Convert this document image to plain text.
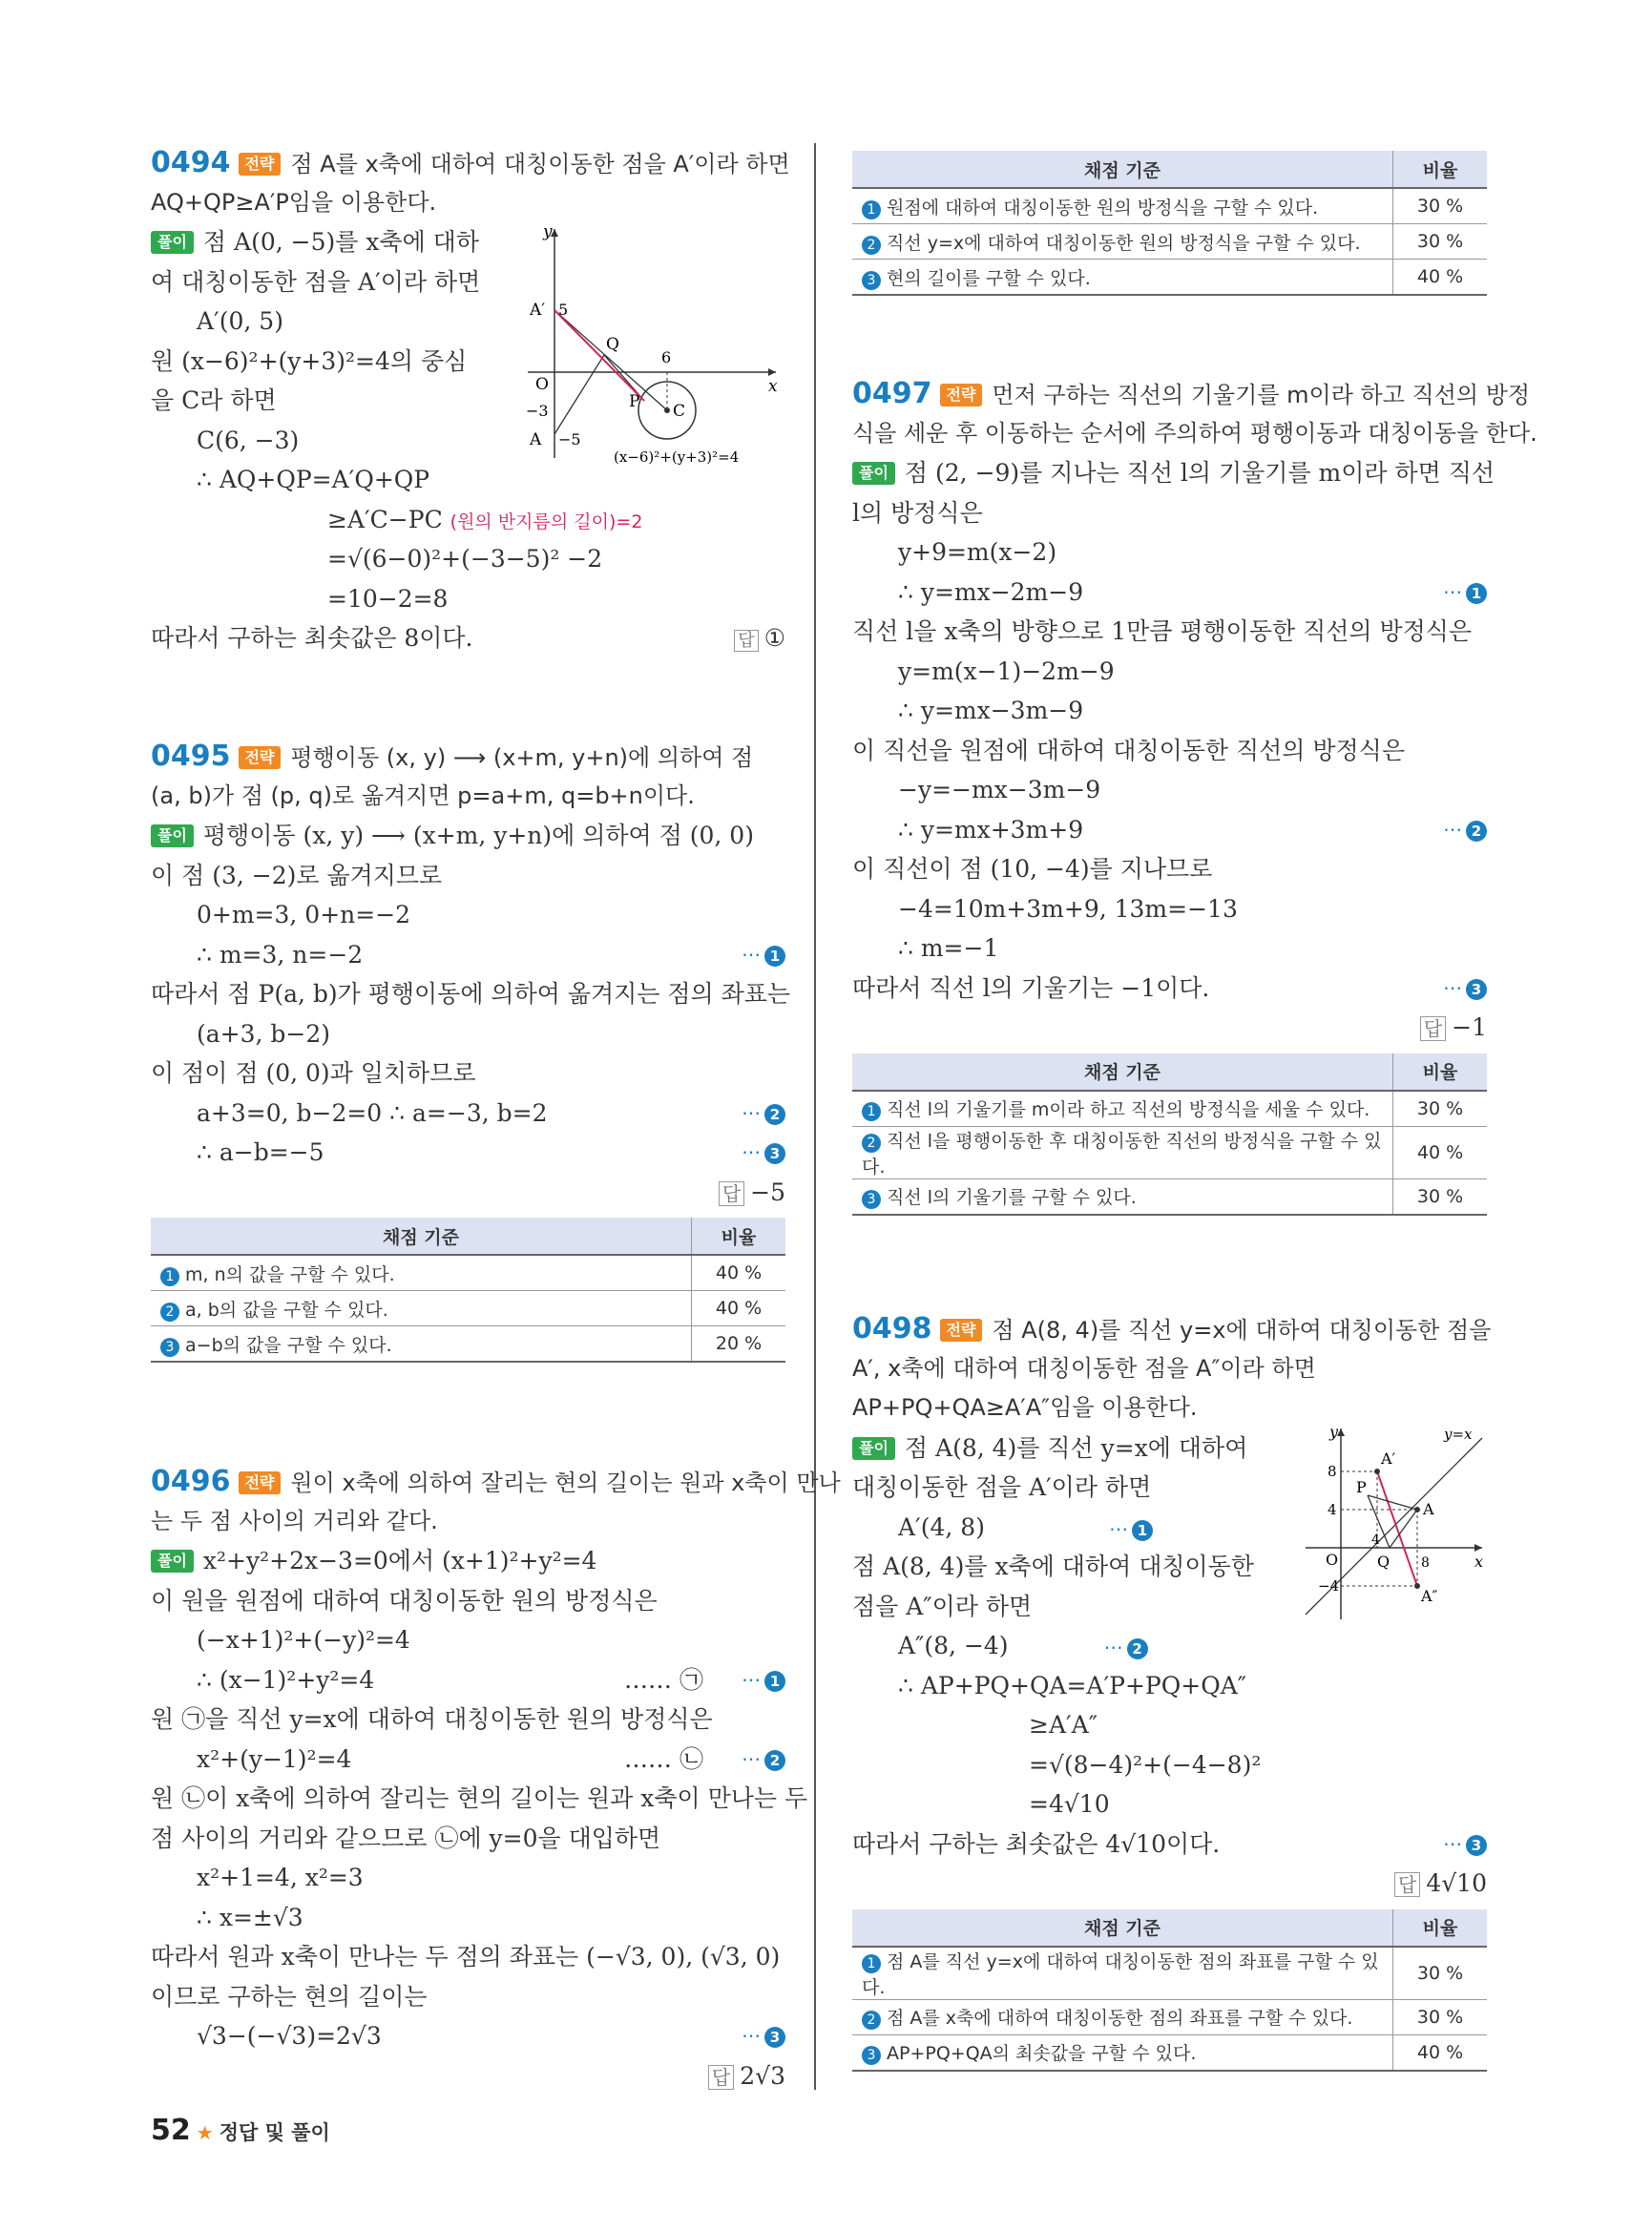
0494 전략 점 A를 x축에 대하여 대칭이동한 점을 A′이라 하면
AQ+QP≥A′P임을 이용한다.
풀이 점 A(0, −5)를 x축에 대하
여 대칭이동한 점을 A′이라 하면
A′(0, 5)
원 (x−6)²+(y+3)²=4의 중심
을 C라 하면
C(6, −3)
∴ AQ+QP=A′Q+QP
≥A′C−PC (원의 반지름의 길이)=2
=√(6−0)²+(−3−5)² −2
=10−2=8
따라서 구하는 최솟값은 8이다.	답 ①
y
x
O
A′ 5
Q
6
−3	P C
A −5
(x−6)²+(y+3)²=4
0495 전략 평행이동 (x, y) ⟶ (x+m, y+n)에 의하여 점
(a, b)가 점 (p, q)로 옮겨지면 p=a+m, q=b+n이다.
풀이 평행이동 (x, y) ⟶ (x+m, y+n)에 의하여 점 (0, 0)
이 점 (3, −2)로 옮겨지므로
0+m=3, 0+n=−2
∴ m=3, n=−2	⋯ 1
따라서 점 P(a, b)가 평행이동에 의하여 옮겨지는 점의 좌표는
(a+3, b−2)
이 점이 점 (0, 0)과 일치하므로
a+3=0, b−2=0 ∴ a=−3, b=2	⋯ 2
∴ a−b=−5	⋯ 3
답 −5
채점 기준	비율
1 m, n의 값을 구할 수 있다.	40 %
2 a, b의 값을 구할 수 있다.	40 %
3 a−b의 값을 구할 수 있다.	20 %
0496 전략 원이 x축에 의하여 잘리는 현의 길이는 원과 x축이 만나
는 두 점 사이의 거리와 같다.
풀이 x²+y²+2x−3=0에서 (x+1)²+y²=4
이 원을 원점에 대하여 대칭이동한 원의 방정식은
(−x+1)²+(−y)²=4
∴ (x−1)²+y²=4	⋯ 1
…… ㉠
원 ㉠을 직선 y=x에 대하여 대칭이동한 원의 방정식은
x²+(y−1)²=4	⋯ 2
…… ㉡
원 ㉡이 x축에 의하여 잘리는 현의 길이는 원과 x축이 만나는 두
점 사이의 거리와 같으므로 ㉡에 y=0을 대입하면
x²+1=4, x²=3
∴ x=±√3
따라서 원과 x축이 만나는 두 점의 좌표는 (−√3, 0), (√3, 0)
이므로 구하는 현의 길이는
√3−(−√3)=2√3	⋯ 3
답 2√3
채점 기준	비율
1 원점에 대하여 대칭이동한 원의 방정식을 구할 수 있다.	30 %
2 직선 y=x에 대하여 대칭이동한 원의 방정식을 구할 수 있다.	30 %
3 현의 길이를 구할 수 있다.	40 %
0497 전략 먼저 구하는 직선의 기울기를 m이라 하고 직선의 방정
식을 세운 후 이동하는 순서에 주의하여 평행이동과 대칭이동을 한다.
풀이 점 (2, −9)를 지나는 직선 l의 기울기를 m이라 하면 직선
l의 방정식은
y+9=m(x−2)
∴ y=mx−2m−9	⋯ 1
직선 l을 x축의 방향으로 1만큼 평행이동한 직선의 방정식은
y=m(x−1)−2m−9
∴ y=mx−3m−9
이 직선을 원점에 대하여 대칭이동한 직선의 방정식은
−y=−mx−3m−9
∴ y=mx+3m+9	⋯ 2
이 직선이 점 (10, −4)를 지나므로
−4=10m+3m+9, 13m=−13
∴ m=−1
따라서 직선 l의 기울기는 −1이다.	⋯ 3
답 −1
채점 기준	비율
1 직선 l의 기울기를 m이라 하고 직선의 방정식을 세울 수 있다.	30 %
2 직선 l을 평행이동한 후 대칭이동한 직선의 방정식을 구할 수 있다.	40 %
3 직선 l의 기울기를 구할 수 있다.	30 %
0498 전략 점 A(8, 4)를 직선 y=x에 대하여 대칭이동한 점을
A′, x축에 대하여 대칭이동한 점을 A″이라 하면
AP+PQ+QA≥A′A″임을 이용한다.
풀이 점 A(8, 4)를 직선 y=x에 대하여
대칭이동한 점을 A′이라 하면
A′(4, 8)	⋯ 1
점 A(8, 4)를 x축에 대하여 대칭이동한
점을 A″이라 하면
A″(8, −4)	⋯ 2
∴ AP+PQ+QA=A′P+PQ+QA″
≥A′A″
=√(8−4)²+(−4−8)²
=4√10
따라서 구하는 최솟값은 4√10이다.	⋯ 3
답 4√10
채점 기준	비율
1 점 A를 직선 y=x에 대하여 대칭이동한 점의 좌표를 구할 수 있다.	30 %
2 점 A를 x축에 대하여 대칭이동한 점의 좌표를 구할 수 있다.	30 %
3 AP+PQ+QA의 최솟값을 구할 수 있다.	40 %
y	y=x
x
O
8
4
−4
A′
A
A″
P
Q
4
8
52 ★ 정답 및 풀이
